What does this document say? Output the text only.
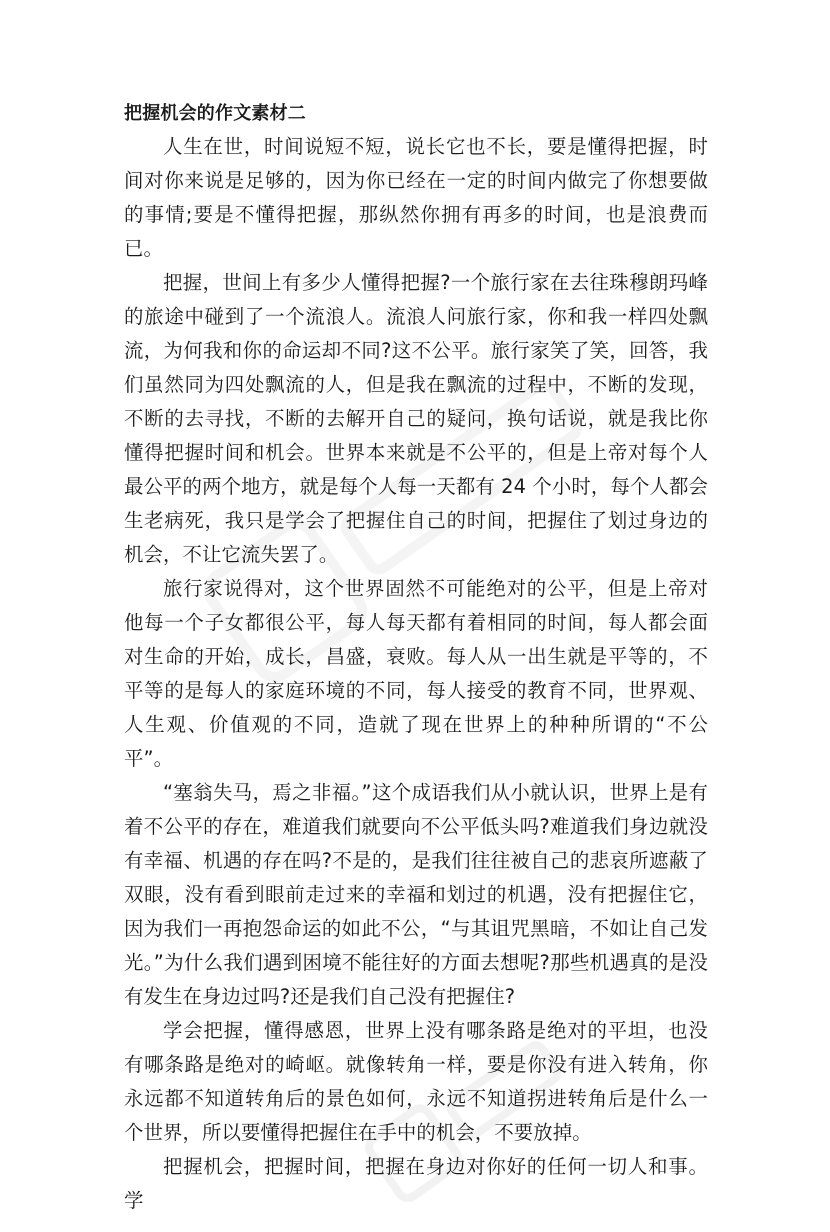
把握机会的作文素材二

人生在世，时间说短不短，说长它也不长，要是懂得把握，时间对你来说是足够的，因为你已经在一定的时间内做完了你想要做的事情;要是不懂得把握，那纵然你拥有再多的时间，也是浪费而已。

把握，世间上有多少人懂得把握?一个旅行家在去往珠穆朗玛峰的旅途中碰到了一个流浪人。流浪人问旅行家，你和我一样四处飘流，为何我和你的命运却不同?这不公平。旅行家笑了笑，回答，我们虽然同为四处飘流的人，但是我在飘流的过程中，不断的发现，不断的去寻找，不断的去解开自己的疑问，换句话说，就是我比你懂得把握时间和机会。世界本来就是不公平的，但是上帝对每个人最公平的两个地方，就是每个人每一天都有 24 个小时，每个人都会生老病死，我只是学会了把握住自己的时间，把握住了划过身边的机会，不让它流失罢了。

旅行家说得对，这个世界固然不可能绝对的公平，但是上帝对他每一个子女都很公平，每人每天都有着相同的时间，每人都会面对生命的开始，成长，昌盛，衰败。每人从一出生就是平等的，不平等的是每人的家庭环境的不同，每人接受的教育不同，世界观、人生观、价值观的不同，造就了现在世界上的种种所谓的“不公平”。

“塞翁失马，焉之非福。”这个成语我们从小就认识，世界上是有着不公平的存在，难道我们就要向不公平低头吗?难道我们身边就没有幸福、机遇的存在吗?不是的，是我们往往被自己的悲哀所遮蔽了双眼，没有看到眼前走过来的幸福和划过的机遇，没有把握住它，因为我们一再抱怨命运的如此不公，“与其诅咒黑暗，不如让自己发光。”为什么我们遇到困境不能往好的方面去想呢?那些机遇真的是没有发生在身边过吗?还是我们自己没有把握住?

学会把握，懂得感恩，世界上没有哪条路是绝对的平坦，也没有哪条路是绝对的崎岖。就像转角一样，要是你没有进入转角，你永远都不知道转角后的景色如何，永远不知道拐进转角后是什么一个世界，所以要懂得把握住在手中的机会，不要放掉。

把握机会，把握时间，把握在身边对你好的任何一切人和事。学
